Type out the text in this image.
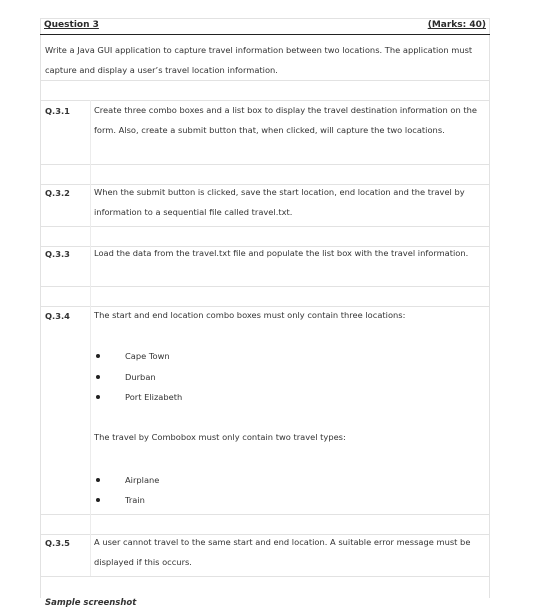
Question 3	(Marks: 40)
Write a Java GUI application to capture travel information between two locations. The application must capture and display a user’s travel location information.
Q.3.1	Create three combo boxes and a list box to display the travel destination information on the form. Also, create a submit button that, when clicked, will capture the two locations.
Q.3.2	When the submit button is clicked, save the start location, end location and the travel by information to a sequential file called travel.txt.
Q.3.3	Load the data from the travel.txt file and populate the list box with the travel information.
Q.3.4	The start and end location combo boxes must only contain three locations:
Cape Town
Durban
Port Elizabeth
The travel by Combobox must only contain two travel types:
Airplane
Train
Q.3.5	A user cannot travel to the same start and end location. A suitable error message must be displayed if this occurs.
Sample screenshot
